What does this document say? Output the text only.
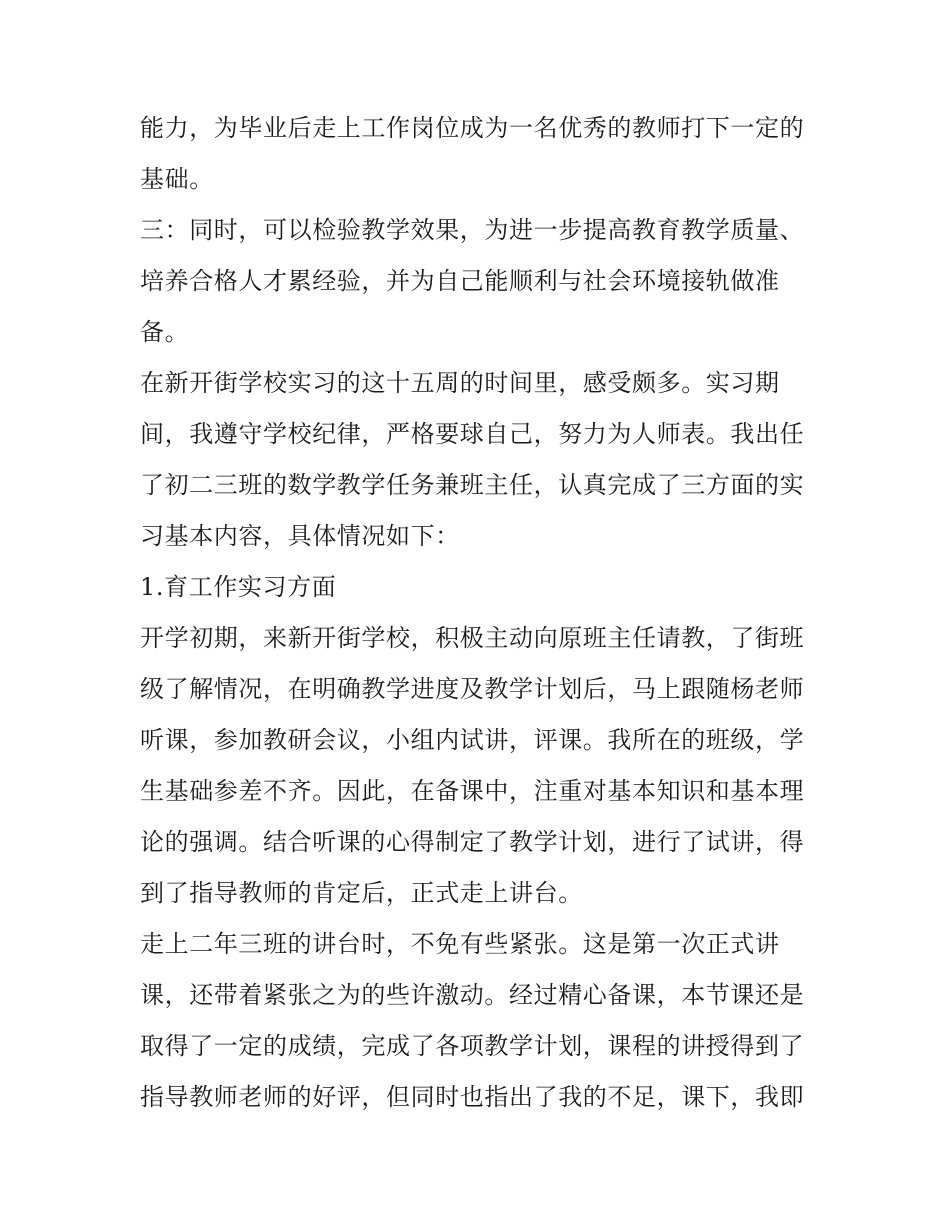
能力，为毕业后走上工作岗位成为一名优秀的教师打下一定的
基础。
三：同时，可以检验教学效果，为进一步提高教育教学质量、
培养合格人才累经验，并为自己能顺利与社会环境接轨做准
备。
在新开街学校实习的这十五周的时间里，感受颇多。实习期
间，我遵守学校纪律，严格要球自己，努力为人师表。我出任
了初二三班的数学教学任务兼班主任，认真完成了三方面的实
习基本内容，具体情况如下：
1.育工作实习方面
开学初期，来新开街学校，积极主动向原班主任请教，了街班
级了解情况，在明确教学进度及教学计划后，马上跟随杨老师
听课，参加教研会议，小组内试讲，评课。我所在的班级，学
生基础参差不齐。因此，在备课中，注重对基本知识和基本理
论的强调。结合听课的心得制定了教学计划，进行了试讲，得
到了指导教师的肯定后，正式走上讲台。
走上二年三班的讲台时，不免有些紧张。这是第一次正式讲
课，还带着紧张之为的些许激动。经过精心备课，本节课还是
取得了一定的成绩，完成了各项教学计划，课程的讲授得到了
指导教师老师的好评，但同时也指出了我的不足，课下，我即
